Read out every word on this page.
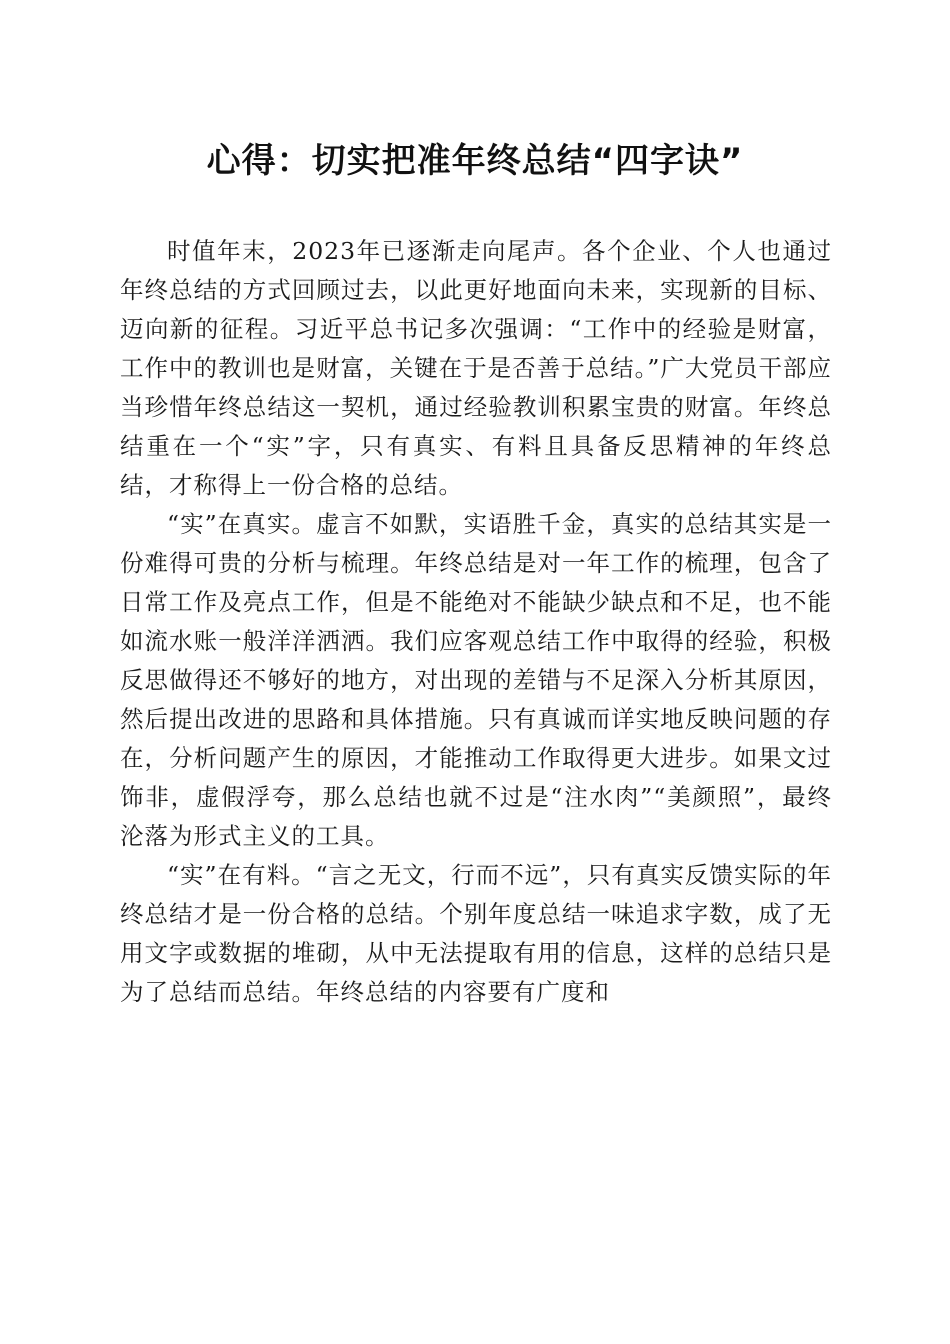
心得：切实把准年终总结“四字诀”

时值年末，2023年已逐渐走向尾声。各个企业、个人也通过年终总结的方式回顾过去，以此更好地面向未来，实现新的目标、迈向新的征程。习近平总书记多次强调：“工作中的经验是财富，工作中的教训也是财富，关键在于是否善于总结。”广大党员干部应当珍惜年终总结这一契机，通过经验教训积累宝贵的财富。年终总结重在一个“实”字，只有真实、有料且具备反思精神的年终总结，才称得上一份合格的总结。

“实”在真实。虚言不如默，实语胜千金，真实的总结其实是一份难得可贵的分析与梳理。年终总结是对一年工作的梳理，包含了日常工作及亮点工作，但是不能绝对不能缺少缺点和不足，也不能如流水账一般洋洋洒洒。我们应客观总结工作中取得的经验，积极反思做得还不够好的地方，对出现的差错与不足深入分析其原因，然后提出改进的思路和具体措施。只有真诚而详实地反映问题的存在，分析问题产生的原因，才能推动工作取得更大进步。如果文过饰非，虚假浮夸，那么总结也就不过是“注水肉”“美颜照”，最终沦落为形式主义的工具。

“实”在有料。“言之无文，行而不远”，只有真实反馈实际的年终总结才是一份合格的总结。个别年度总结一味追求字数，成了无用文字或数据的堆砌，从中无法提取有用的信息，这样的总结只是为了总结而总结。年终总结的内容要有广度和
